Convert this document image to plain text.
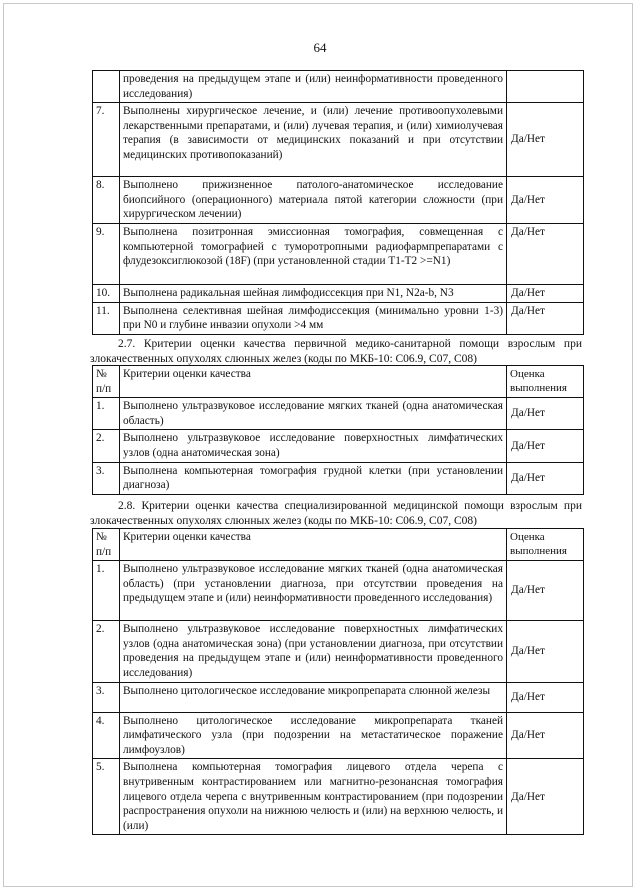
64
	проведения на предыдущем этапе и (или) неинформативности проведенного исследования)	
7.	Выполнены хирургическое лечение, и (или) лечение противоопухолевыми лекарственными препаратами, и (или) лучевая терапия, и (или) химиолучевая терапия (в зависимости от медицинских показаний и при отсутствии медицинских противопоказаний)	Да/Нет
8.	Выполнено прижизненное патолого-анатомическое исследование биопсийного (операционного) материала пятой категории сложности (при хирургическом лечении)	Да/Нет
9.	Выполнена позитронная эмиссионная томография, совмещенная с компьютерной томографией с туморотропными радиофармпрепаратами с флудезоксиглюкозой (18F) (при установленной стадии T1-T2 >=N1)	Да/Нет
10.	Выполнена радикальная шейная лимфодиссекция при N1, N2a-b, N3	Да/Нет
11.	Выполнена селективная шейная лимфодиссекция (минимально уровни 1-3) при N0 и глубине инвазии опухоли >4 мм	Да/Нет
2.7. Критерии оценки качества первичной медико-санитарной помощи взрослым при злокачественных опухолях слюнных желез (коды по МКБ-10: C06.9, C07, C08)
№ п/п	Критерии оценки качества	Оценка выполнения
1.	Выполнено ультразвуковое исследование мягких тканей (одна анатомическая область)	Да/Нет
2.	Выполнено ультразвуковое исследование поверхностных лимфатических узлов (одна анатомическая зона)	Да/Нет
3.	Выполнена компьютерная томография грудной клетки (при установлении диагноза)	Да/Нет
2.8. Критерии оценки качества специализированной медицинской помощи взрослым при злокачественных опухолях слюнных желез (коды по МКБ-10: C06.9, C07, C08)
№ п/п	Критерии оценки качества	Оценка выполнения
1.	Выполнено ультразвуковое исследование мягких тканей (одна анатомическая область) (при установлении диагноза, при отсутствии проведения на предыдущем этапе и (или) неинформативности проведенного исследования)	Да/Нет
2.	Выполнено ультразвуковое исследование поверхностных лимфатических узлов (одна анатомическая зона) (при установлении диагноза, при отсутствии проведения на предыдущем этапе и (или) неинформативности проведенного исследования)	Да/Нет
3.	Выполнено цитологическое исследование микропрепарата слюнной железы	Да/Нет
4.	Выполнено цитологическое исследование микропрепарата тканей лимфатического узла (при подозрении на метастатическое поражение лимфоузлов)	Да/Нет
5.	Выполнена компьютерная томография лицевого отдела черепа с внутривенным контрастированием или магнитно-резонансная томография лицевого отдела черепа с внутривенным контрастированием (при подозрении распространения опухоли на нижнюю челюсть и (или) на верхнюю челюсть, и (или)	Да/Нет
